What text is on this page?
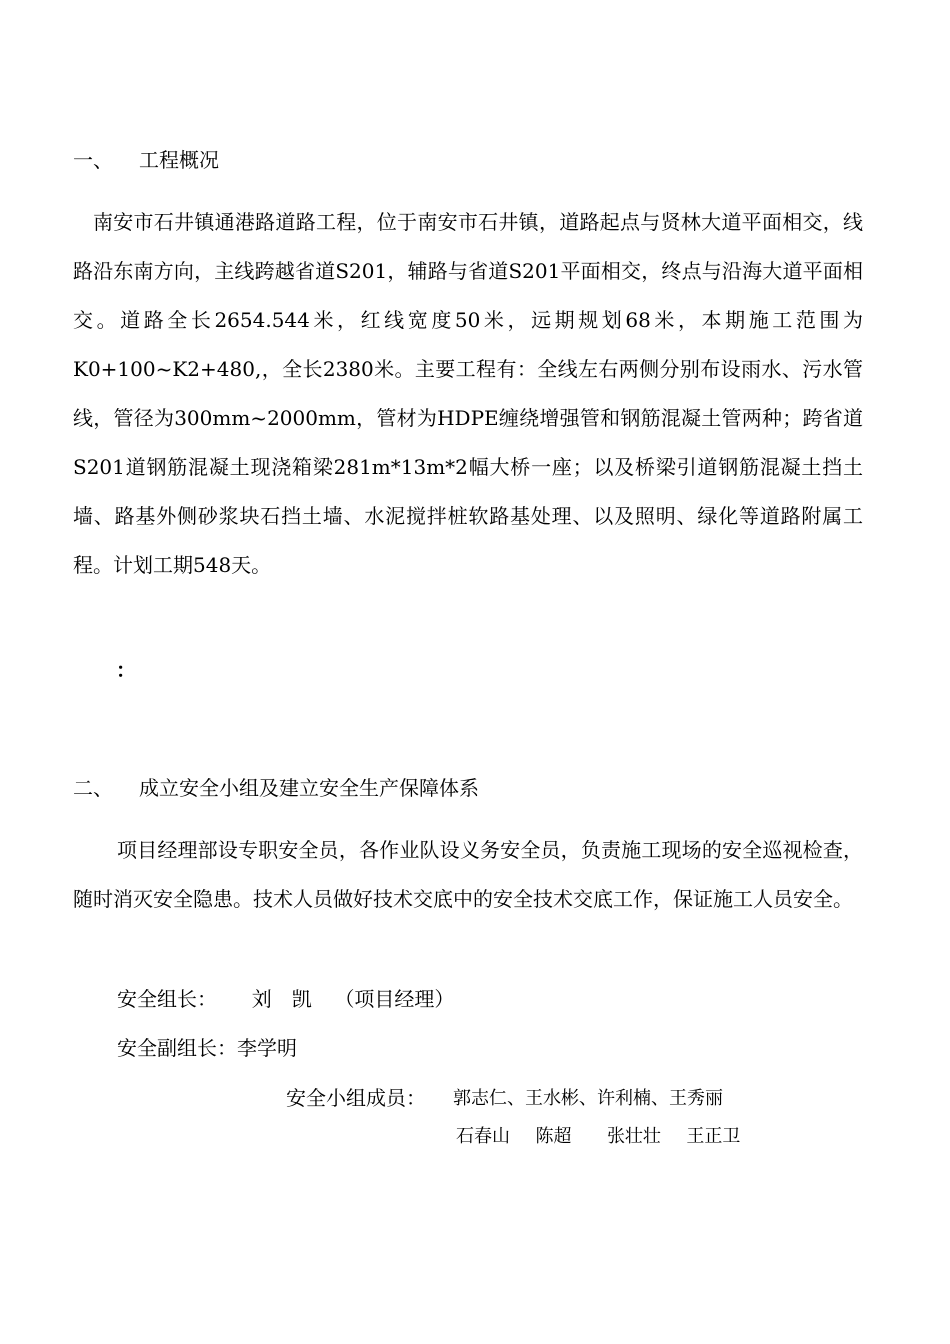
一、 工程概况
南安市石井镇通港路道路工程，位于南安市石井镇，道路起点与贤林大道平面相交，线路沿东南方向，主线跨越省道S201，辅路与省道S201平面相交，终点与沿海大道平面相交。道路全长2654.544米，红线宽度50米，远期规划68米，本期施工范围为K0+100~K2+480,，全长2380米。主要工程有：全线左右两侧分别布设雨水、污水管线，管径为300mm~2000mm，管材为HDPE缠绕增强管和钢筋混凝土管两种；跨省道S201道钢筋混凝土现浇箱梁281m*13m*2幅大桥一座；以及桥梁引道钢筋混凝土挡土墙、路基外侧砂浆块石挡土墙、水泥搅拌桩软路基处理、以及照明、绿化等道路附属工程。计划工期548天。
：
二、 成立安全小组及建立安全生产保障体系
项目经理部设专职安全员，各作业队设义务安全员，负责施工现场的安全巡视检查，随时消灭安全隐患。技术人员做好技术交底中的安全技术交底工作，保证施工人员安全。
安全组长： 刘　凯 （项目经理）
安全副组长：李学明
安全小组成员： 郭志仁、王水彬、许利楠、王秀丽
石春山 陈超 张壮壮 王正卫
